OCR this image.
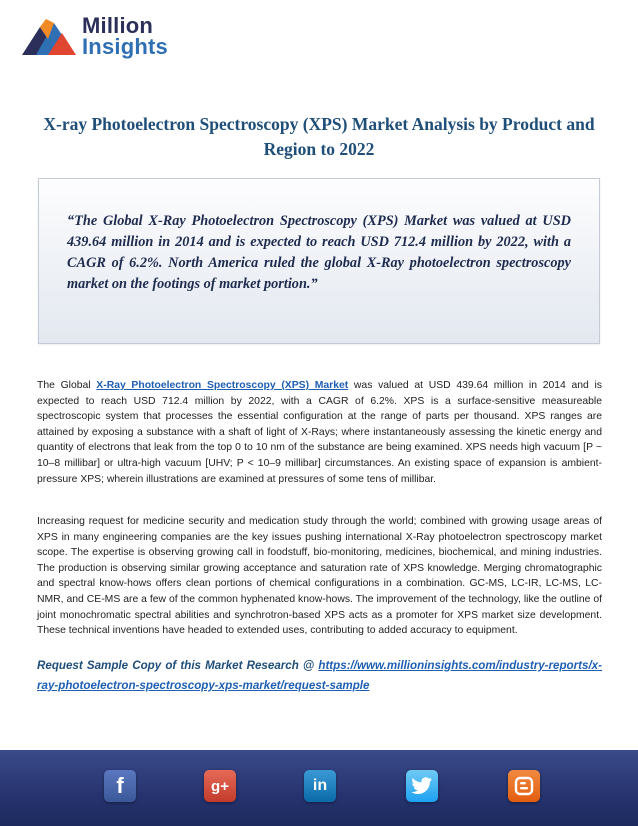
Million
Insights
X-ray Photoelectron Spectroscopy (XPS) Market Analysis by Product and Region to 2022

“The Global X-Ray Photoelectron Spectroscopy (XPS) Market was valued at USD 439.64 million in 2014 and is expected to reach USD 712.4 million by 2022, with a CAGR of 6.2%. North America ruled the global X-Ray photoelectron spectroscopy market on the footings of market portion.”

The Global X-Ray Photoelectron Spectroscopy (XPS) Market was valued at USD 439.64 million in 2014 and is expected to reach USD 712.4 million by 2022, with a CAGR of 6.2%. XPS is a surface-sensitive measureable spectroscopic system that processes the essential configuration at the range of parts per thousand. XPS ranges are attained by exposing a substance with a shaft of light of X-Rays; where instantaneously assessing the kinetic energy and quantity of electrons that leak from the top 0 to 10 nm of the substance are being examined. XPS needs high vacuum [P ~ 10–8 millibar] or ultra-high vacuum [UHV; P < 10–9 millibar] circumstances. An existing space of expansion is ambient-pressure XPS; wherein illustrations are examined at pressures of some tens of millibar.

Increasing request for medicine security and medication study through the world; combined with growing usage areas of XPS in many engineering companies are the key issues pushing international X-Ray photoelectron spectroscopy market scope. The expertise is observing growing call in foodstuff, bio-monitoring, medicines, biochemical, and mining industries. The production is observing similar growing acceptance and saturation rate of XPS knowledge. Merging chromatographic and spectral know-hows offers clean portions of chemical configurations in a combination. GC-MS, LC-IR, LC-MS, LC-NMR, and CE-MS are a few of the common hyphenated know-hows. The improvement of the technology, like the outline of joint monochromatic spectral abilities and synchrotron-based XPS acts as a promoter for XPS market size development. These technical inventions have headed to extended uses, contributing to added accuracy to equipment.

Request Sample Copy of this Market Research @ https://www.millioninsights.com/industry-reports/x-ray-photoelectron-spectroscopy-xps-market/request-sample

f	g+	in
